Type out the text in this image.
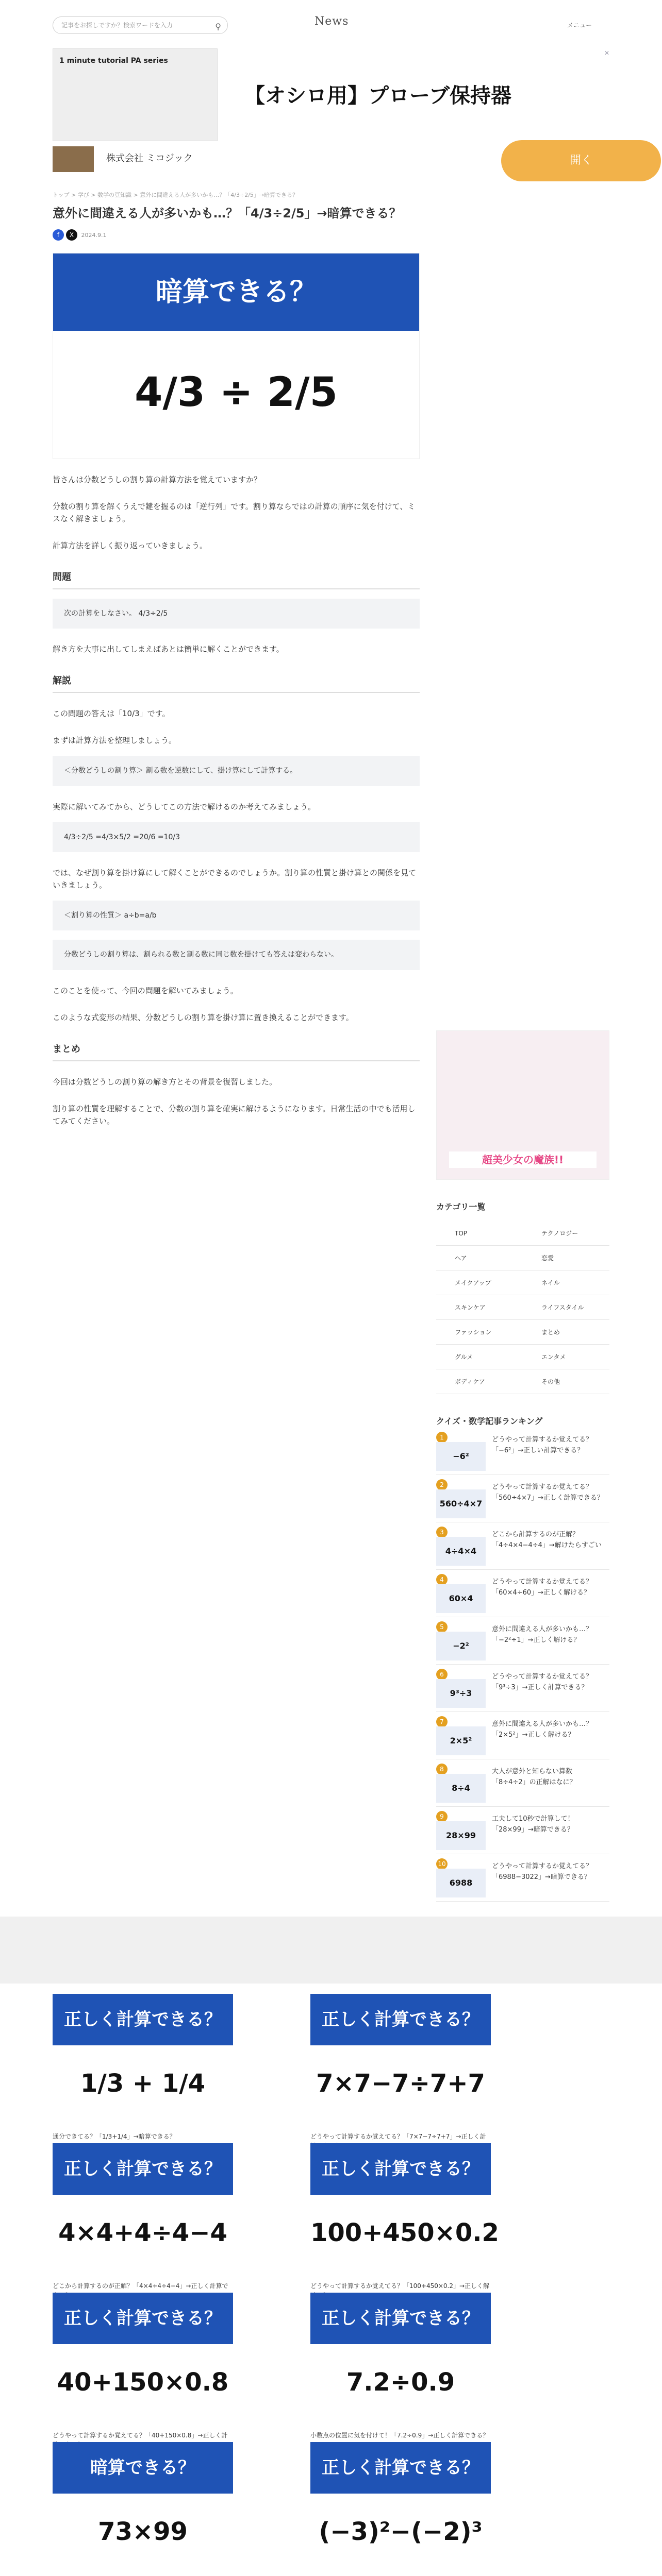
記事をお探しですか？検索ワードを入力	⚲	News	メニュー
1 minute tutorial PA series
【オシロ用】プローブ保持器
株式会社 ミコジック	開く
✕
トップ > 学び > 数学の豆知識 > 意外に間違える人が多いかも…？「4/3÷2/5」→暗算できる？
意外に間違える人が多いかも…？「4/3÷2/5」→暗算できる？
f X 2024.9.1
暗算できる？
4/3 ÷ 2/5

皆さんは分数どうしの割り算の計算方法を覚えていますか？

分数の割り算を解くうえで鍵を握るのは「逆行列」です。割り算ならではの計算の順序に気を付けて、ミスなく解きましょう。

計算方法を詳しく振り返っていきましょう。

問題
次の計算をしなさい。 4/3÷2/5

解き方を大事に出してしまえばあとは簡単に解くことができます。

解説

この問題の答えは「10/3」です。

まずは計算方法を整理しましょう。

＜分数どうしの割り算＞ 割る数を逆数にして、掛け算にして計算する。

実際に解いてみてから、どうしてこの方法で解けるのか考えてみましょう。

4/3÷2/5 =4/3×5/2 =20/6 =10/3

では、なぜ割り算を掛け算にして解くことができるのでしょうか。割り算の性質と掛け算との関係を見ていきましょう。

＜割り算の性質＞ a÷b=a/b
分数どうしの割り算は、割られる数と割る数に同じ数を掛けても答えは変わらない。

このことを使って、今回の問題を解いてみましょう。

このような式変形の結果、分数どうしの割り算を掛け算に置き換えることができます。

まとめ

今回は分数どうしの割り算の解き方とその背景を復習しました。

割り算の性質を理解することで、分数の割り算を確実に解けるようになります。日常生活の中でも活用してみてください。

超美少女の魔族!!
カテゴリ一覧
TOP	テクノロジー
ヘア	恋愛
メイクアップ	ネイル
スキンケア	ライフスタイル
ファッション	まとめ
グルメ	エンタメ
ボディケア	その他
クイズ・数学記事ランキング
1
−6²
どうやって計算するか覚えてる？「−6²」→正しい計算できる？
2
560÷4×7
どうやって計算するか覚えてる？「560÷4×7」→正しく計算できる？
3
4÷4×4
どこから計算するのが正解？「4÷4×4−4÷4」→解けたらすごい
4
60×4
どうやって計算するか覚えてる？「60×4÷60」→正しく解ける？
5
−2²
意外に間違える人が多いかも…？「−2²÷1」→正しく解ける？
6
9³÷3
どうやって計算するか覚えてる？「9³÷3」→正しく計算できる？
7
2×5²
意外に間違える人が多いかも…？「2×5²」→正しく解ける？
8
8÷4
大人が意外と知らない算数「8÷4÷2」の正解はなに？
9
28×99
工夫して10秒で計算して！「28×99」→暗算できる？
10
6988
どうやって計算するか覚えてる？「6988−3022」→暗算できる？
正しく計算できる？
1/3 + 1/4
通分できてる？「1/3+1/4」→暗算できる？
正しく計算できる？
7×7−7÷7+7
どうやって計算するか覚えてる？「7×7−7÷7+7」→正しく計
正しく計算できる？
4×4+4÷4−4
どこから計算するのが正解？「4×4+4÷4−4」→正しく計算で
正しく計算できる？
100+450×0.2
どうやって計算するか覚えてる？「100+450×0.2」→正しく解
正しく計算できる？
40+150×0.8
どうやって計算するか覚えてる？「40+150×0.8」→正しく計
正しく計算できる？
7.2÷0.9
小数点の位置に気を付けて！「7.2÷0.9」→正しく計算できる？
暗算できる？
73×99
正しく計算できる？
(−3)²−(−2)³
